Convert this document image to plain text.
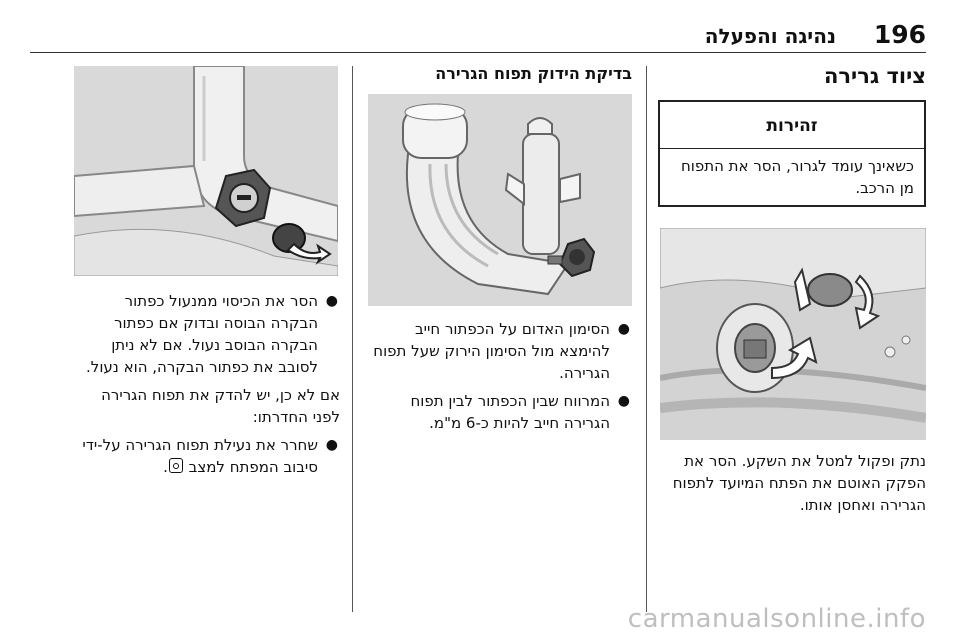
196
נהיגה והפעלה
ציוד גרירה
זהירות
כשאינך עומד לגרור, הסר את התפוח מן הרכב.
נתק ופקול למטל את השקע. הסר את הפקק האוטם את הפתח המיועד לתפוח הגרירה ואחסן אותו.
בדיקת הידוק תפוח הגרירה
●
הסימון האדום על הכפתור חייב להימצא מול הסימון הירוק שעל תפוח הגרירה.
●
המרווח שבין הכפתור לבין תפוח הגרירה חייב להיות כ-6 מ"מ.
●
הסר את הכיסוי ממנעול כפתור הבקרה הבוסה ובדוק אם כפתור הבקרה הבוסב נעול. אם לא ניתן לסובב את כפתור הבקרה, הוא נעול.
אם לא כן, יש להדק את תפוח הגרירה לפני החדרתו:
●
שחרר את נעילת תפוח הגרירה על-ידי סיבוב המפתח למצב .
carmanualsonline.info
